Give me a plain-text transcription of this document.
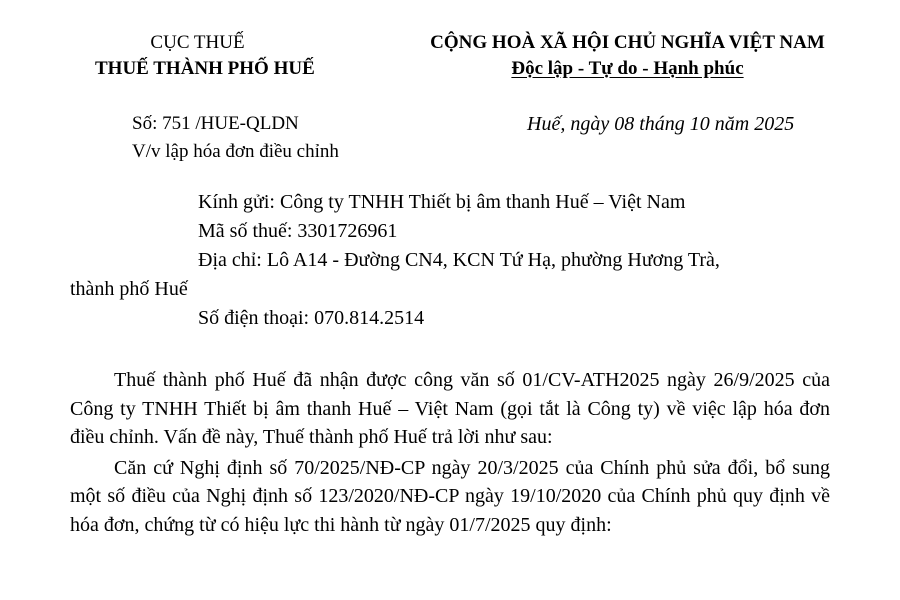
CỤC THUẾ
THUẾ THÀNH PHỐ HUẾ
CỘNG HOÀ XÃ HỘI CHỦ NGHĨA VIỆT NAM
Độc lập - Tự do - Hạnh phúc
Số: 751 /HUE-QLDN
V/v lập hóa đơn điều chỉnh
Huế, ngày 08 tháng 10 năm 2025
Kính gửi: Công ty TNHH Thiết bị âm thanh Huế – Việt Nam
Mã số thuế: 3301726961
Địa chỉ: Lô A14 - Đường CN4, KCN Tứ Hạ, phường Hương Trà,
thành phố Huế
Số điện thoại: 070.814.2514

Thuế thành phố Huế đã nhận được công văn số 01/CV-ATH2025 ngày 26/9/2025 của Công ty TNHH Thiết bị âm thanh Huế – Việt Nam (gọi tắt là Công ty) về việc lập hóa đơn điều chỉnh. Vấn đề này, Thuế thành phố Huế trả lời như sau:

Căn cứ Nghị định số 70/2025/NĐ-CP ngày 20/3/2025 của Chính phủ sửa đổi, bổ sung một số điều của Nghị định số 123/2020/NĐ-CP ngày 19/10/2020 của Chính phủ quy định về hóa đơn, chứng từ có hiệu lực thi hành từ ngày 01/7/2025 quy định:
